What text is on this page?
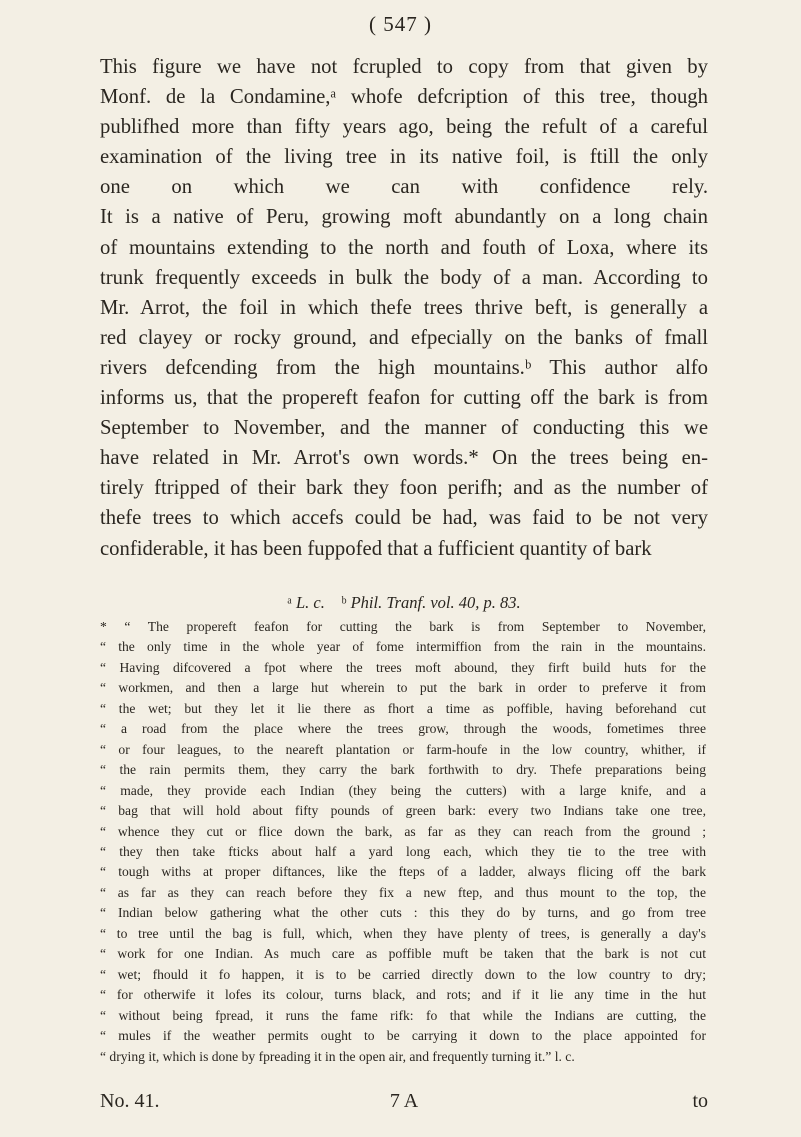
( 547 )
This figure we have not fcrupled to copy from that given by
Monf. de la Condamine,ᵃ whofe defcription of this tree, though
publifhed more than fifty years ago, being the refult of a careful
examination of the living tree in its native foil, is ftill the only
one on which we can with confidence rely.
It is a native of Peru, growing moft abundantly on a long chain
of mountains extending to the north and fouth of Loxa, where its
trunk frequently exceeds in bulk the body of a man. According to
Mr. Arrot, the foil in which thefe trees thrive beft, is generally a
red clayey or rocky ground, and efpecially on the banks of fmall
rivers defcending from the high mountains.ᵇ This author alfo
informs us, that the propereft feafon for cutting off the bark is from
September to November, and the manner of conducting this we
have related in Mr. Arrot's own words.* On the trees being en-
tirely ftripped of their bark they foon perifh; and as the number of
thefe trees to which accefs could be had, was faid to be not very
confiderable, it has been fuppofed that a fufficient quantity of bark
ᵃ L. c. ᵇ Phil. Tranf. vol. 40, p. 83.
* “ The propereft feafon for cutting the bark is from September to November,
“ the only time in the whole year of fome intermiffion from the rain in the mountains.
“ Having difcovered a fpot where the trees moft abound, they firft build huts for the
“ workmen, and then a large hut wherein to put the bark in order to preferve it from
“ the wet; but they let it lie there as fhort a time as poffible, having beforehand cut
“ a road from the place where the trees grow, through the woods, fometimes three
“ or four leagues, to the neareft plantation or farm-houfe in the low country, whither, if
“ the rain permits them, they carry the bark forthwith to dry. Thefe preparations being
“ made, they provide each Indian (they being the cutters) with a large knife, and a
“ bag that will hold about fifty pounds of green bark: every two Indians take one tree,
“ whence they cut or flice down the bark, as far as they can reach from the ground ;
“ they then take fticks about half a yard long each, which they tie to the tree with
“ tough withs at proper diftances, like the fteps of a ladder, always flicing off the bark
“ as far as they can reach before they fix a new ftep, and thus mount to the top, the
“ Indian below gathering what the other cuts : this they do by turns, and go from tree
“ to tree until the bag is full, which, when they have plenty of trees, is generally a day's
“ work for one Indian. As much care as poffible muft be taken that the bark is not cut
“ wet; fhould it fo happen, it is to be carried directly down to the low country to dry;
“ for otherwife it lofes its colour, turns black, and rots; and if it lie any time in the hut
“ without being fpread, it runs the fame rifk: fo that while the Indians are cutting, the
“ mules if the weather permits ought to be carrying it down to the place appointed for
“ drying it, which is done by fpreading it in the open air, and frequently turning it.” l. c.
No. 41.	7 A	to
